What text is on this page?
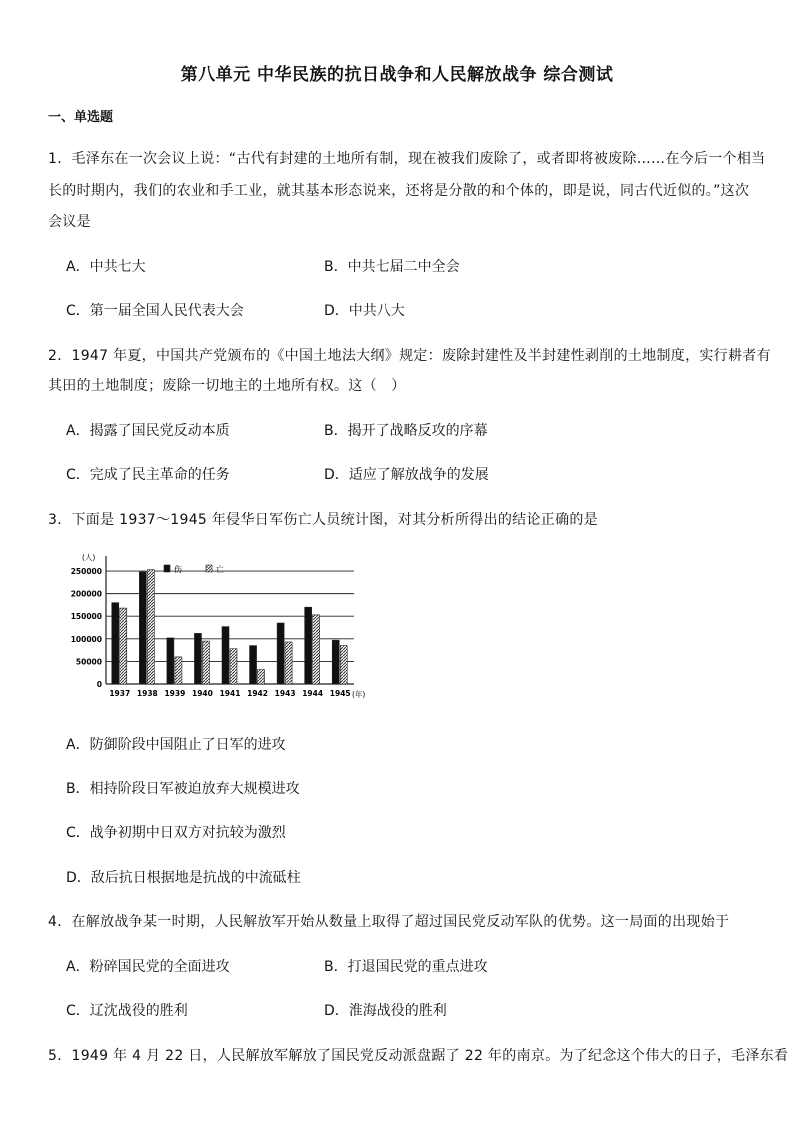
第八单元 中华民族的抗日战争和人民解放战争 综合测试
一、单选题
1．毛泽东在一次会议上说：“古代有封建的土地所有制，现在被我们废除了，或者即将被废除……在今后一个相当
长的时期内，我们的农业和手工业，就其基本形态说来，还将是分散的和个体的，即是说，同古代近似的。”这次
会议是
A．中共七大	B．中共七届二中全会
C．第一届全国人民代表大会	D．中共八大
2．1947 年夏，中国共产党颁布的《中国土地法大纲》规定：废除封建性及半封建性剥削的土地制度，实行耕者有
其田的土地制度；废除一切地主的土地所有权。这（　）
A．揭露了国民党反动本质	B．揭开了战略反攻的序幕
C．完成了民主革命的任务	D．适应了解放战争的发展
3．下面是 1937～1945 年侵华日军伤亡人员统计图，对其分析所得出的结论正确的是
0
50000
100000
150000
200000
250000
(人)
1937 1938 1939 1940 1941 1942 1943 1944 1945 (年)
伤	亡
A．防御阶段中国阻止了日军的进攻
B．相持阶段日军被迫放弃大规模进攻
C．战争初期中日双方对抗较为激烈
D．敌后抗日根据地是抗战的中流砥柱
4．在解放战争某一时期，人民解放军开始从数量上取得了超过国民党反动军队的优势。这一局面的出现始于
A．粉碎国民党的全面进攻	B．打退国民党的重点进攻
C．辽沈战役的胜利	D．淮海战役的胜利
5．1949 年 4 月 22 日，人民解放军解放了国民党反动派盘踞了 22 年的南京。为了纪念这个伟大的日子，毛泽东看
